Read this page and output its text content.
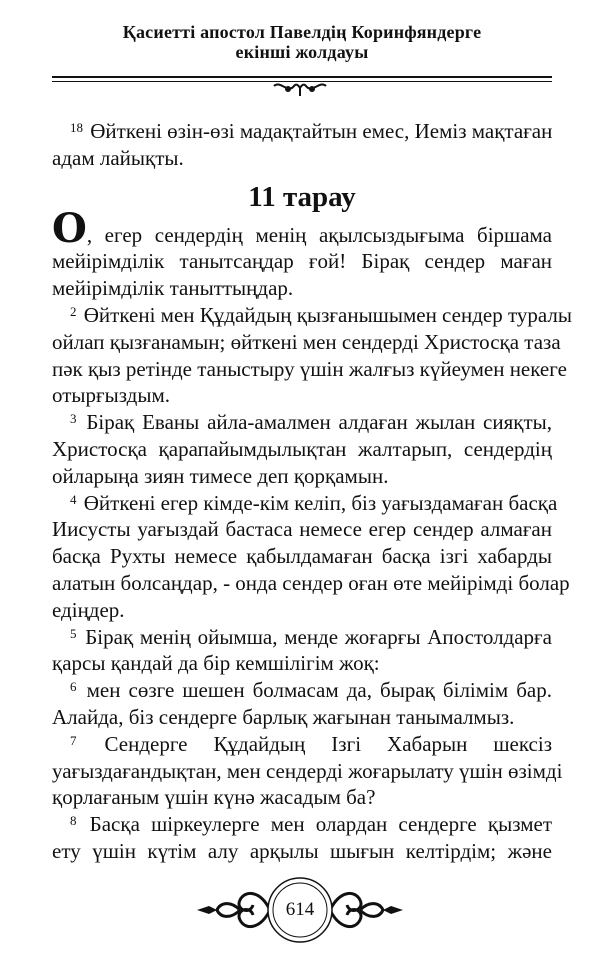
Қасиетті апостол Павелдің Коринфяндерге
екінші жолдауы
$^{18}$ Өйткені өзін-өзі мадақтайтын емес, Иеміз мақтаған
адам лайықты.
11 тарау
О, егер сендердің менің ақылсыздығыма біршама
мейірімділік танытсаңдар ғой! Бірақ сендер маған
мейірімділік таныттыңдар.
$^2$ Өйткені мен Құдайдың қызғанышымен сендер туралы
ойлап қызғанамын; өйткені мен сендерді Христосқа таза
пәк қыз ретінде таныстыру үшін жалғыз күйеумен некеге
отырғыздым.
$^3$ Бірақ Еваны айла-амалмен алдаған жылан сияқты,
Христосқа қарапайымдылықтан жалтарып, сендердің
ойларыңа зиян тимесе деп қорқамын.
$^4$ Өйткені егер кімде-кім келіп, біз уағыздамаған басқа
Иисусты уағыздай бастаса немесе егер сендер алмаған
басқа Рухты немесе қабылдамаған басқа ізгі хабарды
алатын болсаңдар, - онда сендер оған өте мейірімді болар
едіңдер.
$^5$ Бірақ менің ойымша, менде жоғарғы Апостолдарға
қарсы қандай да бір кемшілігім жоқ:
$^6$ мен сөзге шешен болмасам да, бырақ білімім бар.
Алайда, біз сендерге барлық жағынан танымалмыз.
$^7$ Сендерге Құдайдың Ізгі Хабарын шексіз
уағыздағандықтан, мен сендерді жоғарылату үшін өзімді
қорлағаным үшін күнә жасадым ба?
$^8$ Басқа шіркеулерге мен олардан сендерге қызмет
ету үшін күтім алу арқылы шығын келтірдім; және
614
